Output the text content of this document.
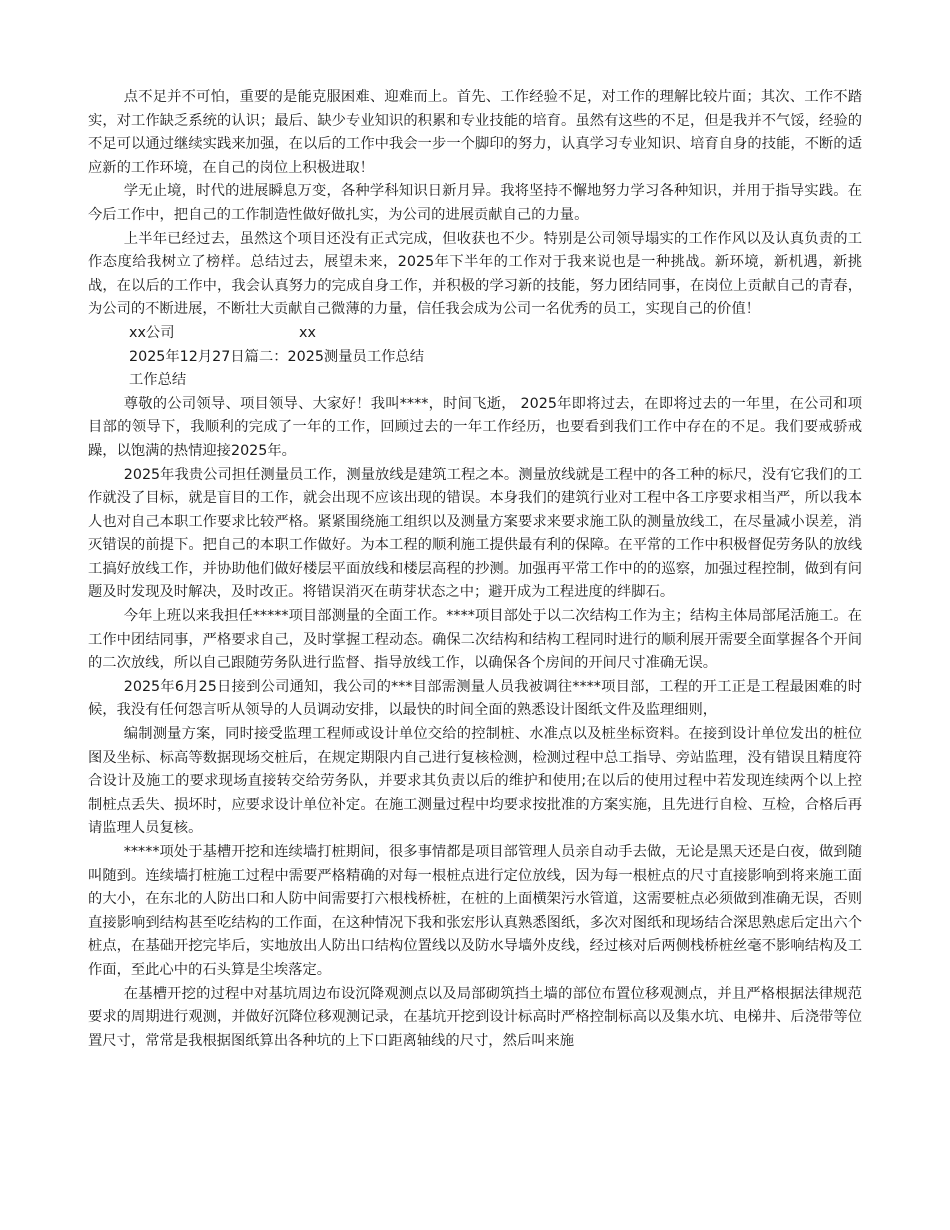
点不足并不可怕，重要的是能克服困难、迎难而上。首先、工作经验不足，对工作的理解比较片面；其次、工作不踏实，对工作缺乏系统的认识；最后、缺少专业知识的积累和专业技能的培育。虽然有这些的不足，但是我并不气馁，经验的不足可以通过继续实践来加强，在以后的工作中我会一步一个脚印的努力，认真学习专业知识、培育自身的技能，不断的适应新的工作环境，在自己的岗位上积极进取！

学无止境，时代的进展瞬息万变，各种学科知识日新月异。我将坚持不懈地努力学习各种知识，并用于指导实践。在今后工作中，把自己的工作制造性做好做扎实，为公司的进展贡献自己的力量。

上半年已经过去，虽然这个项目还没有正式完成，但收获也不少。特别是公司领导塌实的工作作风以及认真负责的工作态度给我树立了榜样。总结过去，展望未来，2025年下半年的工作对于我来说也是一种挑战。新环境，新机遇，新挑战，在以后的工作中，我会认真努力的完成自身工作，并积极的学习新的技能，努力团结同事，在岗位上贡献自己的青春，为公司的不断进展，不断壮大贡献自己微薄的力量，信任我会成为公司一名优秀的员工，实现自己的价值！

xx公司	xx

2025年12月27日篇二：2025测量员工作总结

工作总结

尊敬的公司领导、项目领导、大家好！我叫****，时间飞逝， 2025年即将过去，在即将过去的一年里，在公司和项目部的领导下，我顺利的完成了一年的工作，回顾过去的一年工作经历，也要看到我们工作中存在的不足。我们要戒骄戒躁，以饱满的热情迎接2025年。

2025年我贵公司担任测量员工作，测量放线是建筑工程之本。测量放线就是工程中的各工种的标尺，没有它我们的工作就没了目标，就是盲目的工作，就会出现不应该出现的错误。本身我们的建筑行业对工程中各工序要求相当严，所以我本人也对自己本职工作要求比较严格。紧紧围绕施工组织以及测量方案要求来要求施工队的测量放线工，在尽量减小误差，消灭错误的前提下。把自己的本职工作做好。为本工程的顺利施工提供最有利的保障。在平常的工作中积极督促劳务队的放线工搞好放线工作，并协助他们做好楼层平面放线和楼层高程的抄测。加强再平常工作中的的巡察，加强过程控制，做到有问题及时发现及时解决，及时改正。将错误消灭在萌芽状态之中；避开成为工程进度的绊脚石。

今年上班以来我担任*****项目部测量的全面工作。****项目部处于以二次结构工作为主；结构主体局部尾活施工。在工作中团结同事，严格要求自己，及时掌握工程动态。确保二次结构和结构工程同时进行的顺利展开需要全面掌握各个开间的二次放线，所以自己跟随劳务队进行监督、指导放线工作，以确保各个房间的开间尺寸准确无误。

2025年6月25日接到公司通知，我公司的***目部需测量人员我被调往****项目部，工程的开工正是工程最困难的时候，我没有任何怨言听从领导的人员调动安排，以最快的时间全面的熟悉设计图纸文件及监理细则，

编制测量方案，同时接受监理工程师或设计单位交给的控制桩、水准点以及桩坐标资料。在接到设计单位发出的桩位图及坐标、标高等数据现场交桩后，在规定期限内自己进行复核检测，检测过程中总工指导、旁站监理，没有错误且精度符合设计及施工的要求现场直接转交给劳务队，并要求其负责以后的维护和使用;在以后的使用过程中若发现连续两个以上控制桩点丢失、损坏时，应要求设计单位补定。在施工测量过程中均要求按批准的方案实施，且先进行自检、互检，合格后再请监理人员复核。

*****项处于基槽开挖和连续墙打桩期间，很多事情都是项目部管理人员亲自动手去做，无论是黑天还是白夜，做到随叫随到。连续墙打桩施工过程中需要严格精确的对每一根桩点进行定位放线，因为每一根桩点的尺寸直接影响到将来施工面的大小，在东北的人防出口和人防中间需要打六根栈桥桩，在桩的上面横架污水管道，这需要桩点必须做到准确无误，否则直接影响到结构甚至吃结构的工作面，在这种情况下我和张宏彤认真熟悉图纸，多次对图纸和现场结合深思熟虑后定出六个桩点，在基础开挖完毕后，实地放出人防出口结构位置线以及防水导墙外皮线，经过核对后两侧栈桥桩丝毫不影响结构及工作面，至此心中的石头算是尘埃落定。

在基槽开挖的过程中对基坑周边布设沉降观测点以及局部砌筑挡土墙的部位布置位移观测点，并且严格根据法律规范要求的周期进行观测，并做好沉降位移观测记录，在基坑开挖到设计标高时严格控制标高以及集水坑、电梯井、后浇带等位置尺寸，常常是我根据图纸算出各种坑的上下口距离轴线的尺寸，然后叫来施
